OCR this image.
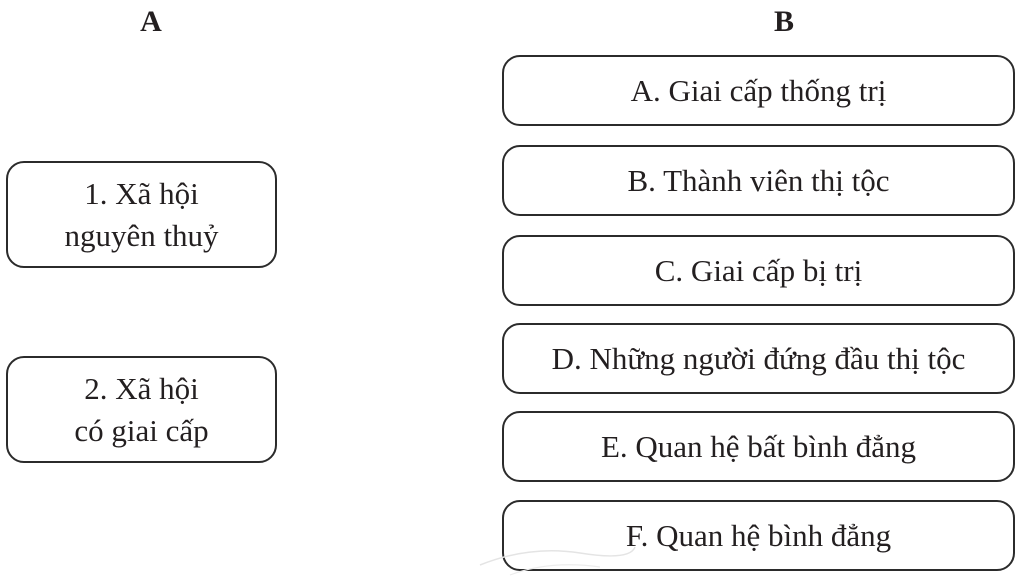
A	B
1. Xã hội
nguyên thuỷ
2. Xã hội
có giai cấp
A. Giai cấp thống trị
B. Thành viên thị tộc
C. Giai cấp bị trị
D. Những người đứng đầu thị tộc
E. Quan hệ bất bình đẳng
F. Quan hệ bình đẳng
